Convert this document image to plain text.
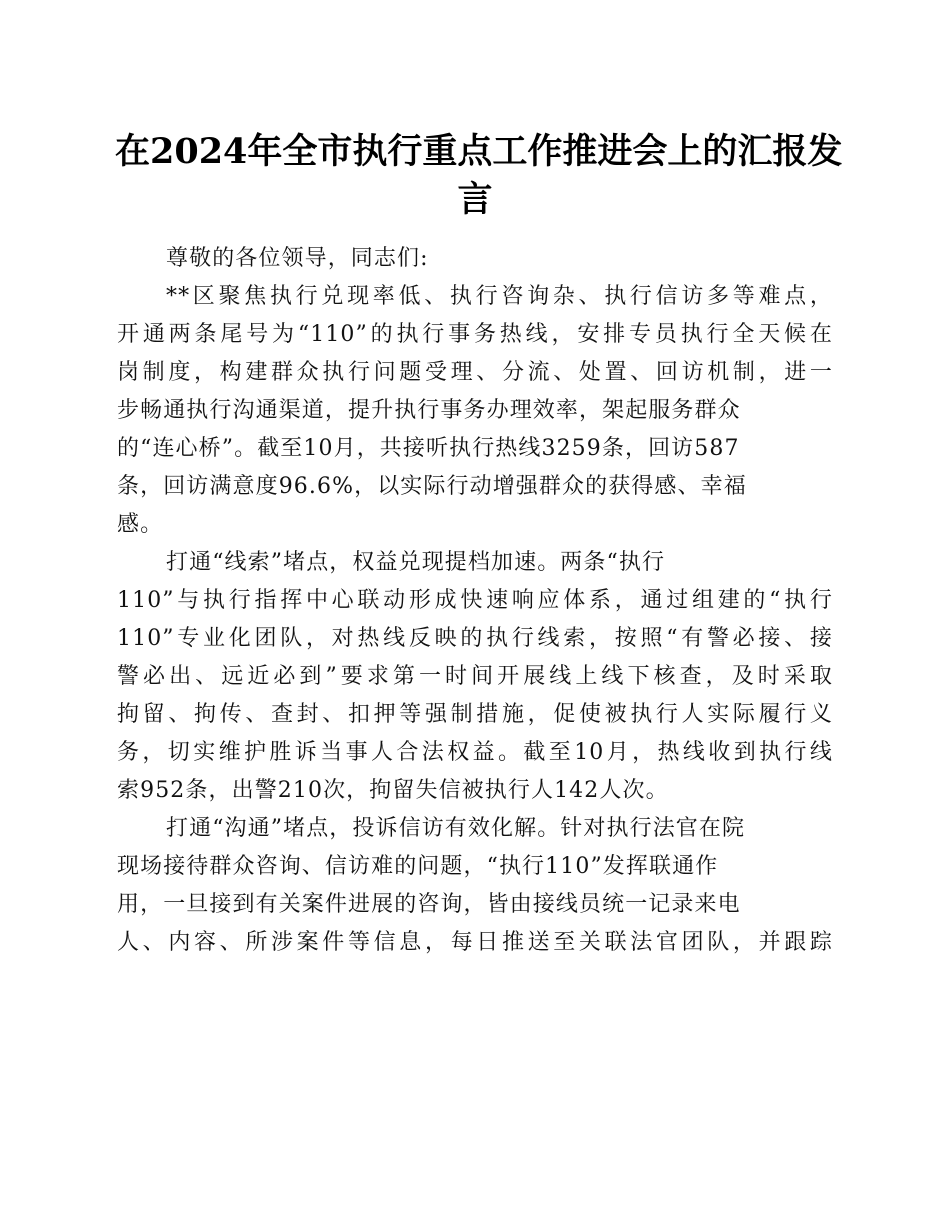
在2024年全市执行重点工作推进会上的汇报发
言
尊敬的各位领导，同志们:
**区聚焦执行兑现率低、执行咨询杂、执行信访多等难点，
开通两条尾号为“110”的执行事务热线，安排专员执行全天候在
岗制度，构建群众执行问题受理、分流、处置、回访机制，进一
步畅通执行沟通渠道，提升执行事务办理效率，架起服务群众
的“连心桥”。截至10月，共接听执行热线3259条，回访587
条，回访满意度96.6%，以实际行动增强群众的获得感、幸福
感。
打通“线索”堵点，权益兑现提档加速。两条“执行
110”与执行指挥中心联动形成快速响应体系，通过组建的“执行
110”专业化团队，对热线反映的执行线索，按照“有警必接、接
警必出、远近必到”要求第一时间开展线上线下核查，及时采取
拘留、拘传、查封、扣押等强制措施，促使被执行人实际履行义
务，切实维护胜诉当事人合法权益。截至10月，热线收到执行线
索952条，出警210次，拘留失信被执行人142人次。
打通“沟通”堵点，投诉信访有效化解。针对执行法官在院
现场接待群众咨询、信访难的问题，“执行110”发挥联通作
用，一旦接到有关案件进展的咨询，皆由接线员统一记录来电
人、内容、所涉案件等信息，每日推送至关联法官团队，并跟踪
